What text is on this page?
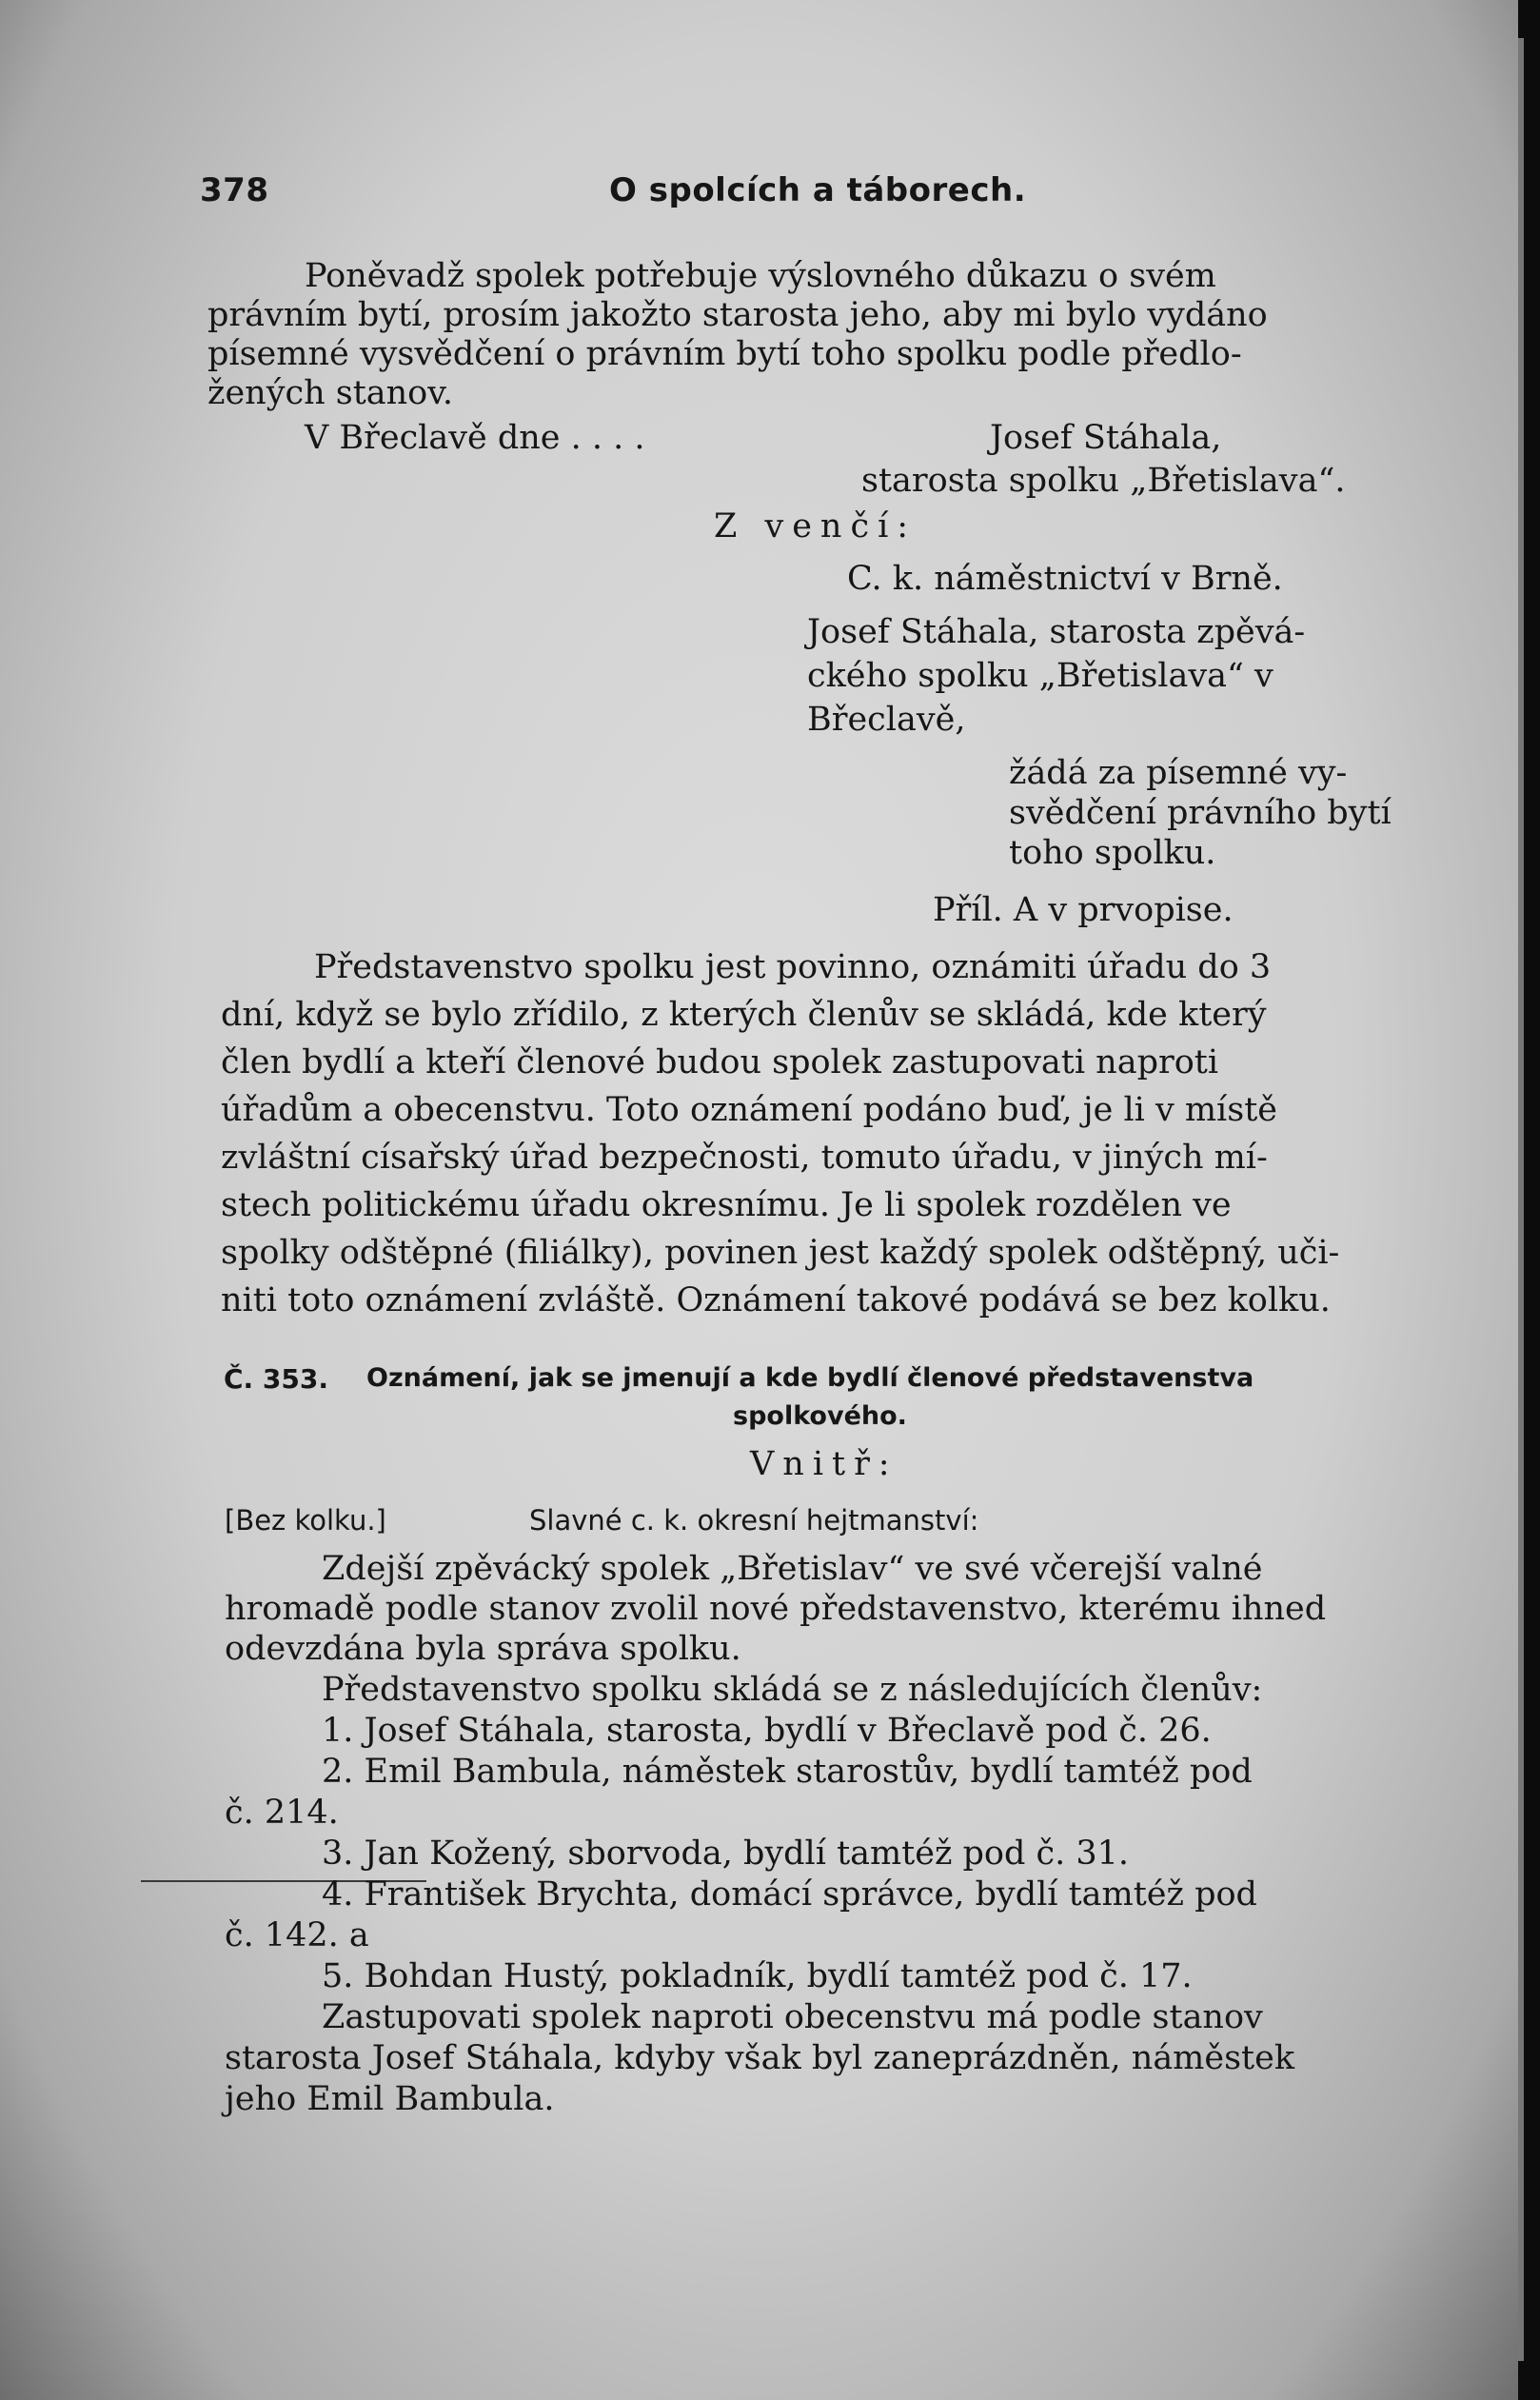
378	O spolcích a táborech.
Poněvadž spolek potřebuje výslovného důkazu o svém
právním bytí, prosím jakožto starosta jeho, aby mi bylo vydáno
písemné vysvědčení o právním bytí toho spolku podle předlo-
žených stanov.
V Břeclavě dne . . . .	Josef Stáhala,
starosta spolku „Břetislava“.
Z venčí:
C. k. náměstnictví v Brně.
Josef Stáhala, starosta zpěvá-
ckého spolku „Břetislava“ v
Břeclavě,
žádá za písemné vy-
svědčení právního bytí
toho spolku.
Příl. A v prvopise.
Představenstvo spolku jest povinno, oznámiti úřadu do 3
dní, když se bylo zřídilo, z kterých členův se skládá, kde který
člen bydlí a kteří členové budou spolek zastupovati naproti
úřadům a obecenstvu. Toto oznámení podáno buď, je li v místě
zvláštní císařský úřad bezpečnosti, tomuto úřadu, v jiných mí-
stech politickému úřadu okresnímu. Je li spolek rozdělen ve
spolky odštěpné (filiálky), povinen jest každý spolek odštěpný, uči-
niti toto oznámení zvláště. Oznámení takové podává se bez kolku.
Č. 353. Oznámení, jak se jmenují a kde bydlí členové představenstva
spolkového.
Vnitř:
[Bez kolku.]	Slavné c. k. okresní hejtmanství:
Zdejší zpěvácký spolek „Břetislav“ ve své včerejší valné
hromadě podle stanov zvolil nové představenstvo, kterému ihned
odevzdána byla správa spolku.
Představenstvo spolku skládá se z následujících členův:
1. Josef Stáhala, starosta, bydlí v Břeclavě pod č. 26.
2. Emil Bambula, náměstek starostův, bydlí tamtéž pod
č. 214.
3. Jan Kožený, sborvoda, bydlí tamtéž pod č. 31.
4. František Brychta, domácí správce, bydlí tamtéž pod
č. 142. a
5. Bohdan Hustý, pokladník, bydlí tamtéž pod č. 17.
Zastupovati spolek naproti obecenstvu má podle stanov
starosta Josef Stáhala, kdyby však byl zaneprázdněn, náměstek
jeho Emil Bambula.
